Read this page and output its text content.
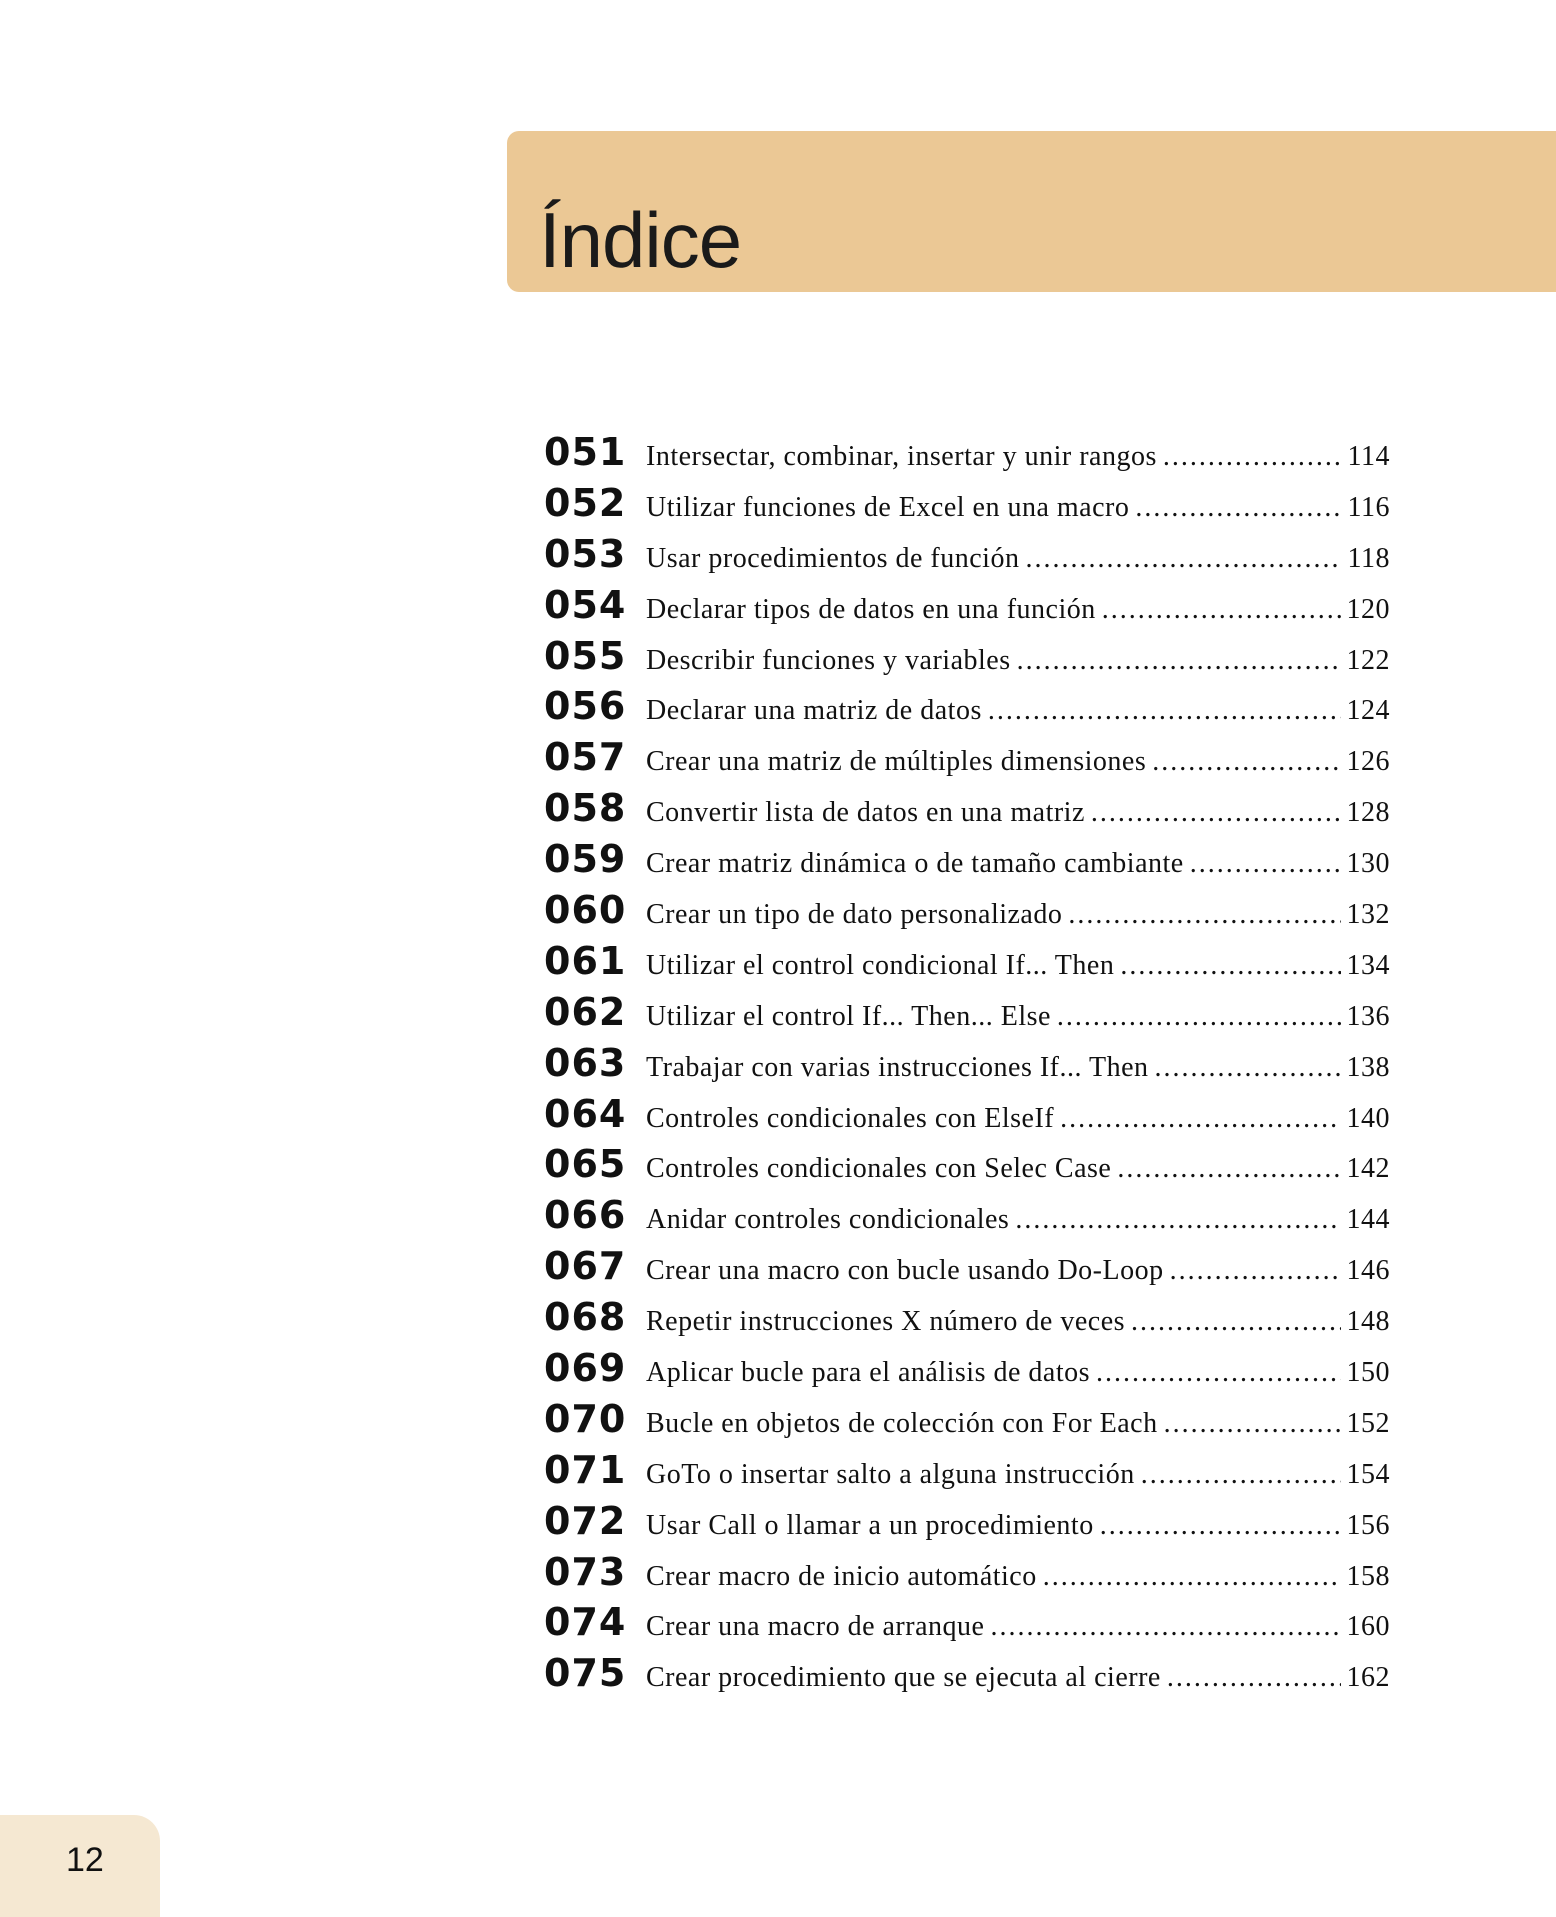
Índice
051 Intersectar, combinar, insertar y unir rangos .....	114
052 Utilizar funciones de Excel en una macro .....	116
053 Usar procedimientos de función .....	118
054 Declarar tipos de datos en una función .....	120
055 Describir funciones y variables .....	122
056 Declarar una matriz de datos .....	124
057 Crear una matriz de múltiples dimensiones .....	126
058 Convertir lista de datos en una matriz .....	128
059 Crear matriz dinámica o de tamaño cambiante .....	130
060 Crear un tipo de dato personalizado .....	132
061 Utilizar el control condicional If... Then .....	134
062 Utilizar el control If... Then... Else .....	136
063 Trabajar con varias instrucciones If... Then .....	138
064 Controles condicionales con ElseIf .....	140
065 Controles condicionales con Selec Case .....	142
066 Anidar controles condicionales .....	144
067 Crear una macro con bucle usando Do-Loop .....	146
068 Repetir instrucciones X número de veces .....	148
069 Aplicar bucle para el análisis de datos .....	150
070 Bucle en objetos de colección con For Each .....	152
071 GoTo o insertar salto a alguna instrucción .....	154
072 Usar Call o llamar a un procedimiento .....	156
073 Crear macro de inicio automático .....	158
074 Crear una macro de arranque .....	160
075 Crear procedimiento que se ejecuta al cierre .....	162
12
